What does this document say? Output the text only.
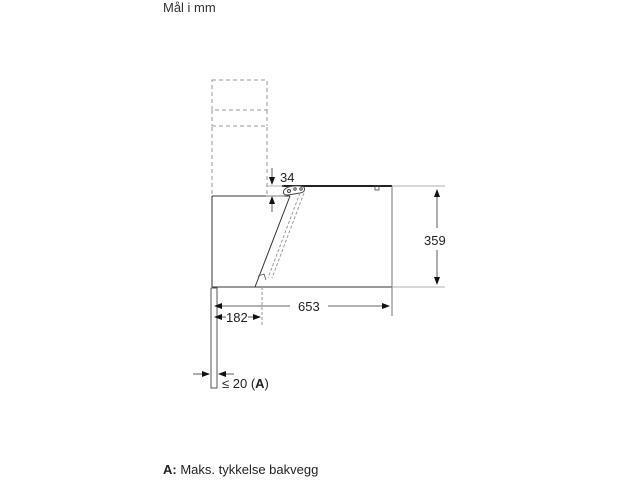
Mål i mm
34
359
653
182
≤ 20 (A)
A: Maks. tykkelse bakvegg
